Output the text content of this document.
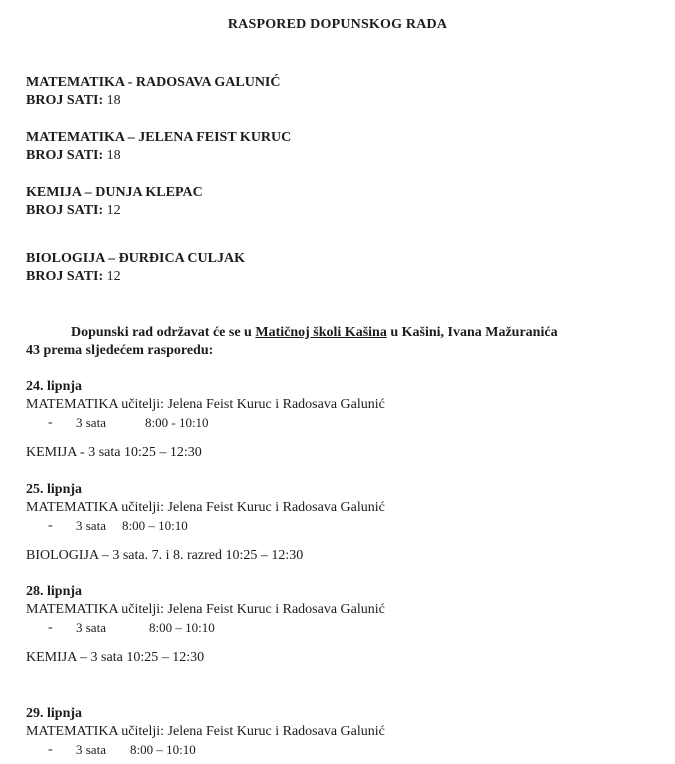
RASPORED DOPUNSKOG RADA
MATEMATIKA - RADOSAVA GALUNIĆ
BROJ SATI: 18
MATEMATIKA – JELENA FEIST KURUC
BROJ SATI: 18
KEMIJA – DUNJA KLEPAC
BROJ SATI: 12
BIOLOGIJA – ĐURĐICA CULJAK
BROJ SATI: 12
Dopunski rad održavat će se u Matičnoj školi Kašina u Kašini, Ivana Mažuranića
43 prema sljedećem rasporedu:
24. lipnja
MATEMATIKA učitelji: Jelena Feist Kuruc i Radosava Galunić
- 3 sata	8:00 - 10:10
KEMIJA - 3 sata 10:25 – 12:30
25. lipnja
MATEMATIKA učitelji: Jelena Feist Kuruc i Radosava Galunić
- 3 sata 8:00 – 10:10
BIOLOGIJA – 3 sata. 7. i 8. razred 10:25 – 12:30
28. lipnja
MATEMATIKA učitelji: Jelena Feist Kuruc i Radosava Galunić
- 3 sata	8:00 – 10:10
KEMIJA – 3 sata 10:25 – 12:30
29. lipnja
MATEMATIKA učitelji: Jelena Feist Kuruc i Radosava Galunić
- 3 sata 8:00 – 10:10
